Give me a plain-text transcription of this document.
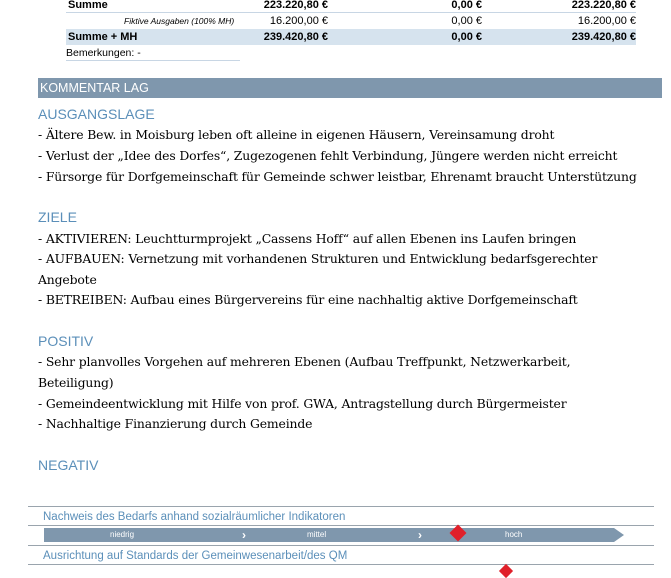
Summe	223.220,80 €	0,00 €	223.220,80 €
Fiktive Ausgaben (100% MH)	16.200,00 €	0,00 €	16.200,00 €
Summe + MH	239.420,80 €	0,00 €	239.420,80 €
Bemerkungen: -
KOMMENTAR LAG
AUSGANGSLAGE
- Ältere Bew. in Moisburg leben oft alleine in eigenen Häusern, Vereinsamung droht
- Verlust der „Idee des Dorfes“, Zugezogenen fehlt Verbindung, Jüngere werden nicht erreicht
- Fürsorge für Dorfgemeinschaft für Gemeinde schwer leistbar, Ehrenamt braucht Unterstützung
ZIELE
- AKTIVIEREN: Leuchtturmprojekt „Cassens Hoff“ auf allen Ebenen ins Laufen bringen
- AUFBAUEN: Vernetzung mit vorhandenen Strukturen und Entwicklung bedarfsgerechter
Angebote
- BETREIBEN: Aufbau eines Bürgervereins für eine nachhaltig aktive Dorfgemeinschaft
POSITIV
- Sehr planvolles Vorgehen auf mehreren Ebenen (Aufbau Treffpunkt, Netzwerkarbeit,
Beteiligung)
- Gemeindeentwicklung mit Hilfe von prof. GWA, Antragstellung durch Bürgermeister
- Nachhaltige Finanzierung durch Gemeinde
NEGATIV
Nachweis des Bedarfs anhand sozialräumlicher Indikatoren
niedrig	›	mittel	›	hoch
Ausrichtung auf Standards der Gemeinwesenarbeit/des QM
